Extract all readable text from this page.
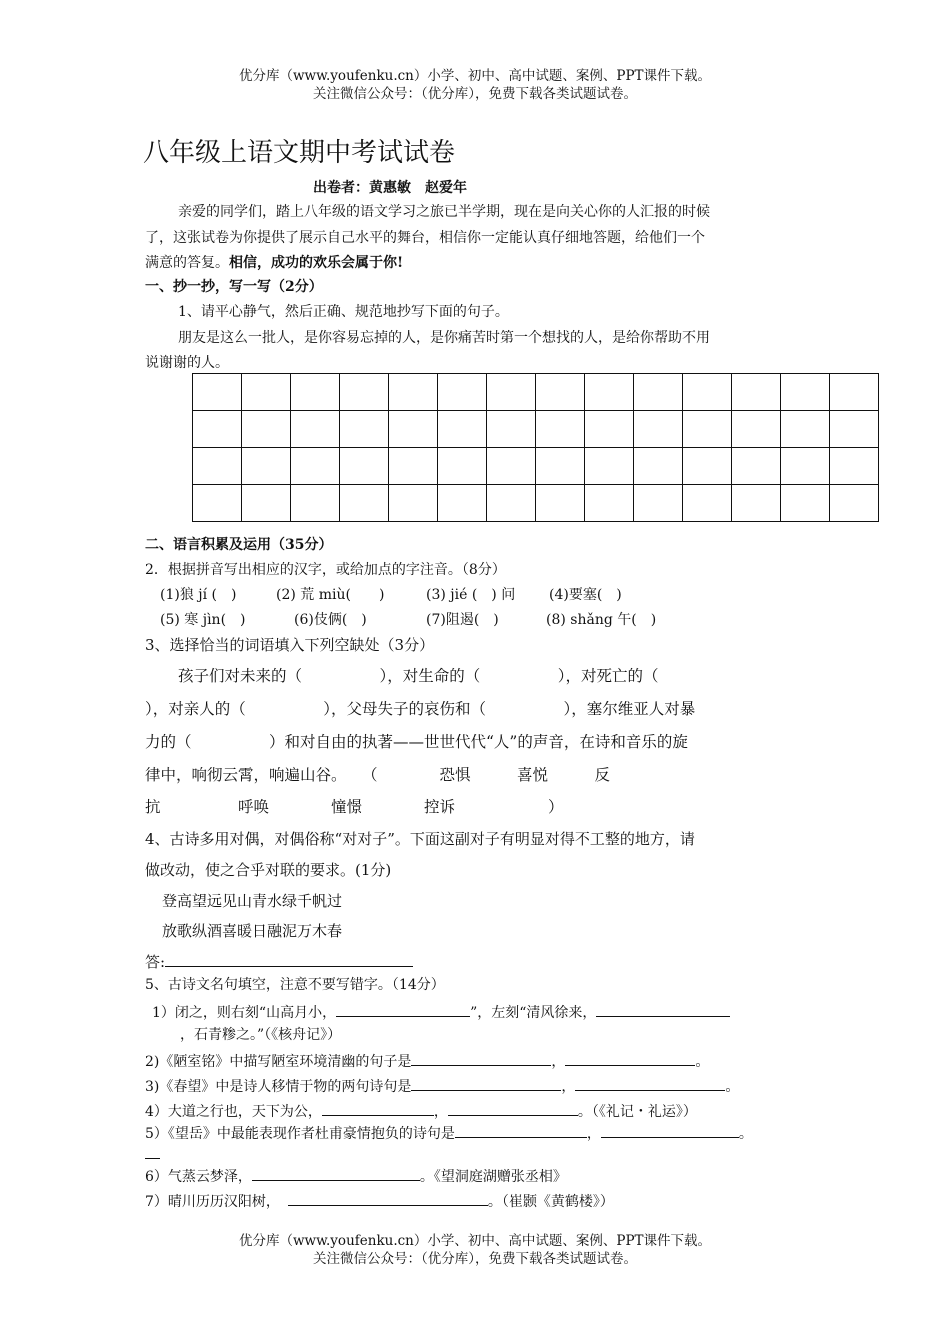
优分库（www.youfenku.cn）小学、初中、高中试题、案例、PPT课件下载。
关注微信公众号：（优分库），免费下载各类试题试卷。
八年级上语文期中考试试卷
出卷者：黄惠敏　赵爱年
亲爱的同学们，踏上八年级的语文学习之旅已半学期，现在是向关心你的人汇报的时候
了，这张试卷为你提供了展示自己水平的舞台，相信你一定能认真仔细地答题，给他们一个
满意的答复。相信，成功的欢乐会属于你!
一、抄一抄，写一写（2分）
1、请平心静气，然后正确、规范地抄写下面的句子。
朋友是这么一批人，是你容易忘掉的人，是你痛苦时第一个想找的人，是给你帮助不用
说谢谢的人。

二、语言积累及运用（35分）
2．根据拼音写出相应的汉字，或给加点的字注音。（8分）
(1)狼 jí (　)	(2) 荒 miù(　　)	(3) jié (　) 问 (4)要塞(　)
(5) 寒 jìn(　)	(6)伎俩(　)	(7)阻遏(　)	(8) shǎng 午(　)
3、选择恰当的词语填入下列空缺处（3分）
孩子们对未来的（　　　　　），对生命的（　　　　　），对死亡的（
），对亲人的（　　　　　），父母失子的哀伤和（　　　　　），塞尔维亚人对暴
力的（　　　　　）和对自由的执著——世世代代“人”的声音，在诗和音乐的旋
律中，响彻云霄，响遍山谷。　　（　　　　恐惧　　　喜悦　　　反
抗　　　　　呼唤　　　　憧憬　　　　控诉　　　　　　）
4、古诗多用对偶，对偶俗称“对对子”。下面这副对子有明显对得不工整的地方，请
做改动，使之合乎对联的要求。(1分)
登高望远见山青水绿千帆过
放歌纵酒喜暖日融泥万木春
答:
5、古诗文名句填空，注意不要写错字。（14分）
1）闭之，则右刻“山高月小，	”，左刻“清风徐来，
，石青糁之。”（《核舟记》）
2)《陋室铭》中描写陋室环境清幽的句子是	，	。
3)《春望》中是诗人移情于物的两句诗句是	，	。
4）大道之行也，天下为公，	，	。（《礼记・礼运》）
5）《望岳》中最能表现作者杜甫豪情抱负的诗句是	，	。
6）气蒸云梦泽，	。《望洞庭湖赠张丞相》
7）晴川历历汉阳树，	。（崔颢《黄鹤楼》）
优分库（www.youfenku.cn）小学、初中、高中试题、案例、PPT课件下载。
关注微信公众号：（优分库），免费下载各类试题试卷。
